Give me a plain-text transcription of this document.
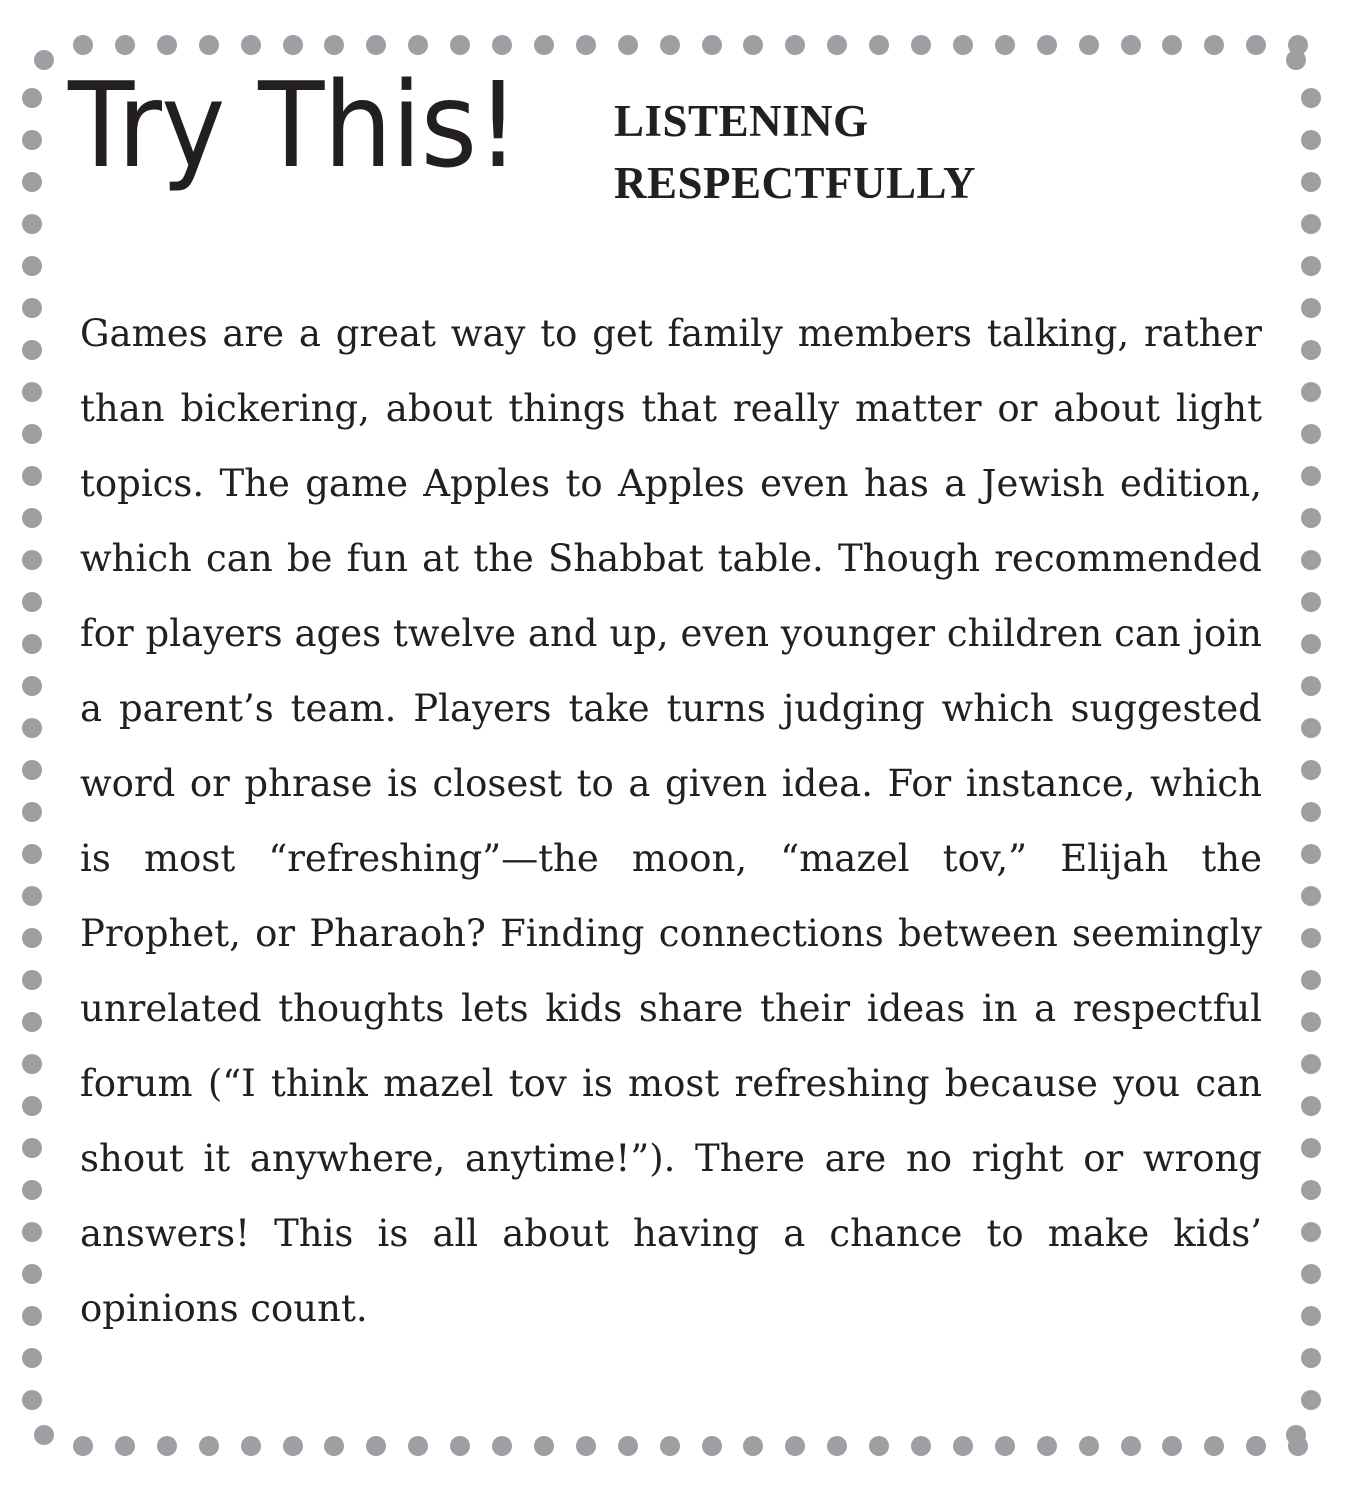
Try This! LISTENING RESPECTFULLY

Games are a great way to get family members talking, rather than bickering, about things that really matter or about light topics. The game Apples to Apples even has a Jewish edition, which can be fun at the Shabbat table. Though recommended for players ages twelve and up, even younger children can join a parent’s team. Players take turns judging which suggested word or phrase is closest to a given idea. For instance, which is most “refreshing”—the moon, “mazel tov,” Elijah the Prophet, or Pharaoh? Finding connections between seemingly unrelated thoughts lets kids share their ideas in a respectful forum (“I think mazel tov is most refreshing because you can shout it anywhere, anytime!”). There are no right or wrong answers! This is all about having a chance to make kids’ opinions count.
